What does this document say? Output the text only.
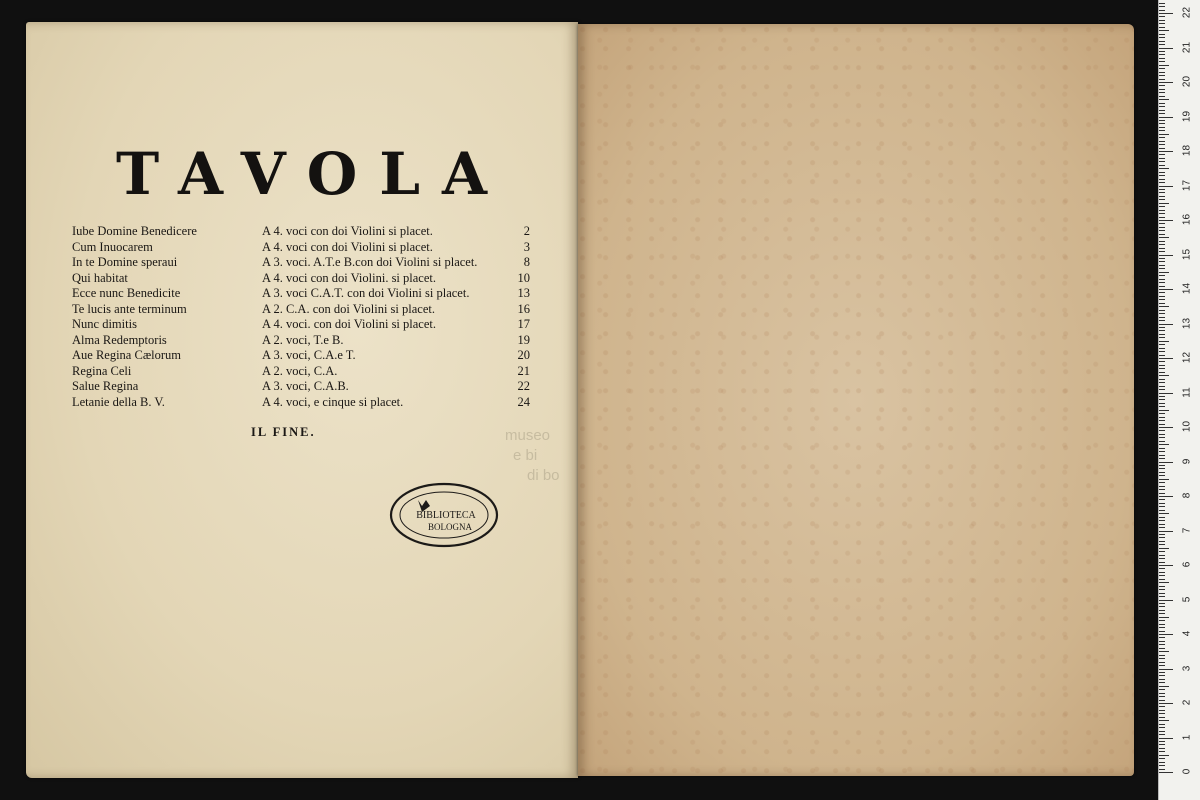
TAVOLA
Iube Domine Benedicere	A 4. voci con doi Violini si placet.	2
Cum Inuocarem	A 4. voci con doi Violini si placet.	3
In te Domine speraui	A 3. voci. A.T.e B.con doi Violini si placet.	8
Qui habitat	A 4. voci con doi Violini. si placet.	10
Ecce nunc Benedicite	A 3. voci C.A.T. con doi Violini si placet.	13
Te lucis ante terminum	A 2. C.A. con doi Violini si placet.	16
Nunc dimitis	A 4. voci. con doi Violini si placet.	17
Alma Redemptoris	A 2. voci, T.e B.	19
Aue Regina Cælorum	A 3. voci, C.A.e T.	20
Regina Celi	A 2. voci, C.A.	21
Salue Regina	A 3. voci, C.A.B.	22
Letanie della B. V.	A 4. voci, e cinque si placet.	24
IL FINE.
BIBLIOTECA
BOLOGNA
museo
e bi
di bo
0
1
2
3
4
5
6
7
8
9
10
11
12
13
14
15
16
17
18
19
20
21
22
